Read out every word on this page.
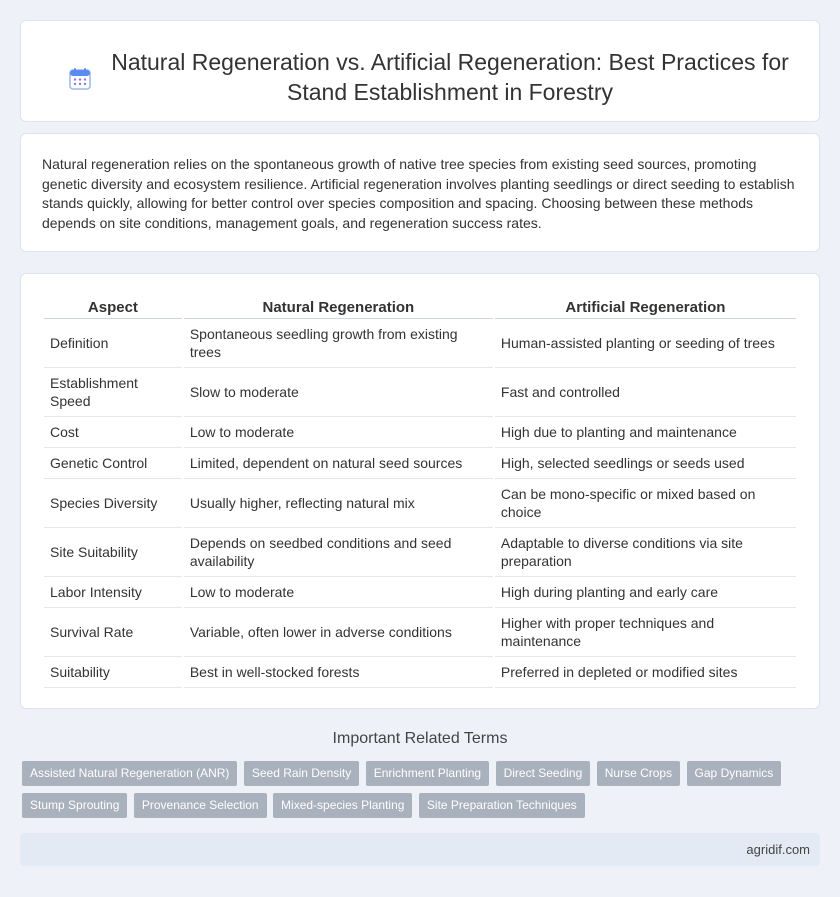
Natural Regeneration vs. Artificial Regeneration: Best Practices for Stand Establishment in Forestry

Natural regeneration relies on the spontaneous growth of native tree species from existing seed sources, promoting genetic diversity and ecosystem resilience. Artificial regeneration involves planting seedlings or direct seeding to establish stands quickly, allowing for better control over species composition and spacing. Choosing between these methods depends on site conditions, management goals, and regeneration success rates.

Aspect	Natural Regeneration	Artificial Regeneration
Definition	Spontaneous seedling growth from existing trees	Human-assisted planting or seeding of trees
Establishment Speed	Slow to moderate	Fast and controlled
Cost	Low to moderate	High due to planting and maintenance
Genetic Control	Limited, dependent on natural seed sources	High, selected seedlings or seeds used
Species Diversity	Usually higher, reflecting natural mix	Can be mono-specific or mixed based on choice
Site Suitability	Depends on seedbed conditions and seed availability	Adaptable to diverse conditions via site preparation
Labor Intensity	Low to moderate	High during planting and early care
Survival Rate	Variable, often lower in adverse conditions	Higher with proper techniques and maintenance
Suitability	Best in well-stocked forests	Preferred in depleted or modified sites
Important Related Terms
Assisted Natural Regeneration (ANR) Seed Rain Density Enrichment Planting Direct Seeding Nurse Crops Gap Dynamics Stump Sprouting Provenance Selection Mixed-species Planting Site Preparation Techniques
agridif.com
